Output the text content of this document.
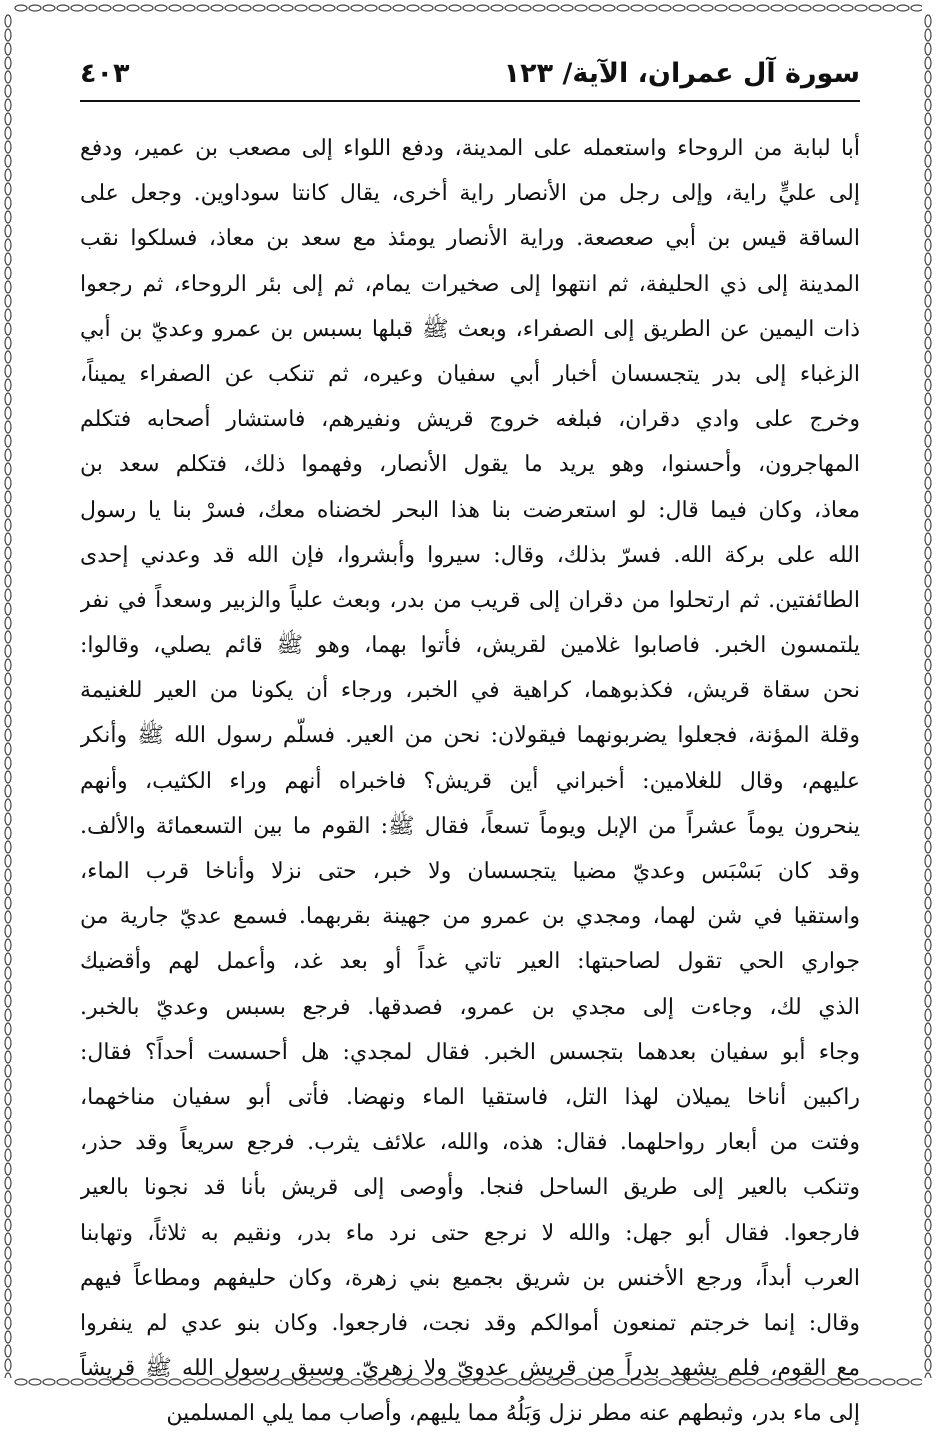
سورة آل عمران، الآية/ ١٢٣
٤٠٣
أبا لبابة من الروحاء واستعمله على المدينة، ودفع اللواء إلى مصعب بن عمير، ودفع
إلى عليٍّ راية، وإلى رجل من الأنصار راية أخرى، يقال كانتا سوداوين. وجعل على
الساقة قيس بن أبي صعصعة. وراية الأنصار يومئذ مع سعد بن معاذ، فسلكوا نقب
المدينة إلى ذي الحليفة، ثم انتهوا إلى صخيرات يمام، ثم إلى بئر الروحاء، ثم رجعوا
ذات اليمين عن الطريق إلى الصفراء، وبعث ﷺ قبلها بسبس بن عمرو وعديّ بن أبي
الزغباء إلى بدر يتجسسان أخبار أبي سفيان وعيره، ثم تنكب عن الصفراء يميناً،
وخرج على وادي دقران، فبلغه خروج قريش ونفيرهم، فاستشار أصحابه فتكلم
المهاجرون، وأحسنوا، وهو يريد ما يقول الأنصار، وفهموا ذلك، فتكلم سعد بن
معاذ، وكان فيما قال: لو استعرضت بنا هذا البحر لخضناه معك، فسرْ بنا يا رسول
الله على بركة الله. فسرّ بذلك، وقال: سيروا وأبشروا، فإن الله قد وعدني إحدى
الطائفتين. ثم ارتحلوا من دقران إلى قريب من بدر، وبعث علياً والزبير وسعداً في نفر
يلتمسون الخبر. فاصابوا غلامين لقريش، فأتوا بهما، وهو ﷺ قائم يصلي، وقالوا:
نحن سقاة قريش، فكذبوهما، كراهية في الخبر، ورجاء أن يكونا من العير للغنيمة
وقلة المؤنة، فجعلوا يضربونهما فيقولان: نحن من العير. فسلّم رسول الله ﷺ وأنكر
عليهم، وقال للغلامين: أخبراني أين قريش؟ فاخبراه أنهم وراء الكثيب، وأنهم
ينحرون يوماً عشراً من الإبل ويوماً تسعاً، فقال ﷺ: القوم ما بين التسعمائة والألف.
وقد كان بَسْبَس وعديّ مضيا يتجسسان ولا خبر، حتى نزلا وأناخا قرب الماء،
واستقيا في شن لهما، ومجدي بن عمرو من جهينة بقربهما. فسمع عديّ جارية من
جواري الحي تقول لصاحبتها: العير تاتي غداً أو بعد غد، وأعمل لهم وأقضيك
الذي لك، وجاءت إلى مجدي بن عمرو، فصدقها. فرجع بسبس وعديّ بالخبر.
وجاء أبو سفيان بعدهما بتجسس الخبر. فقال لمجدي: هل أحسست أحداً؟ فقال:
راكبين أناخا يميلان لهذا التل، فاستقيا الماء ونهضا. فأتى أبو سفيان مناخهما،
وفتت من أبعار رواحلهما. فقال: هذه، والله، علائف يثرب. فرجع سريعاً وقد حذر،
وتنكب بالعير إلى طريق الساحل فنجا. وأوصى إلى قريش بأنا قد نجونا بالعير
فارجعوا. فقال أبو جهل: والله لا نرجع حتى نرد ماء بدر، ونقيم به ثلاثاً، وتهابنا
العرب أبداً، ورجع الأخنس بن شريق بجميع بني زهرة، وكان حليفهم ومطاعاً فيهم
وقال: إنما خرجتم تمنعون أموالكم وقد نجت، فارجعوا. وكان بنو عدي لم ينفروا
مع القوم، فلم يشهد بدراً من قريش عدويّ ولا زهريّ. وسبق رسول الله ﷺ قريشاً
إلى ماء بدر، وثبطهم عنه مطر نزل وَبَلُهُ مما يليهم، وأصاب مما يلي المسلمين
